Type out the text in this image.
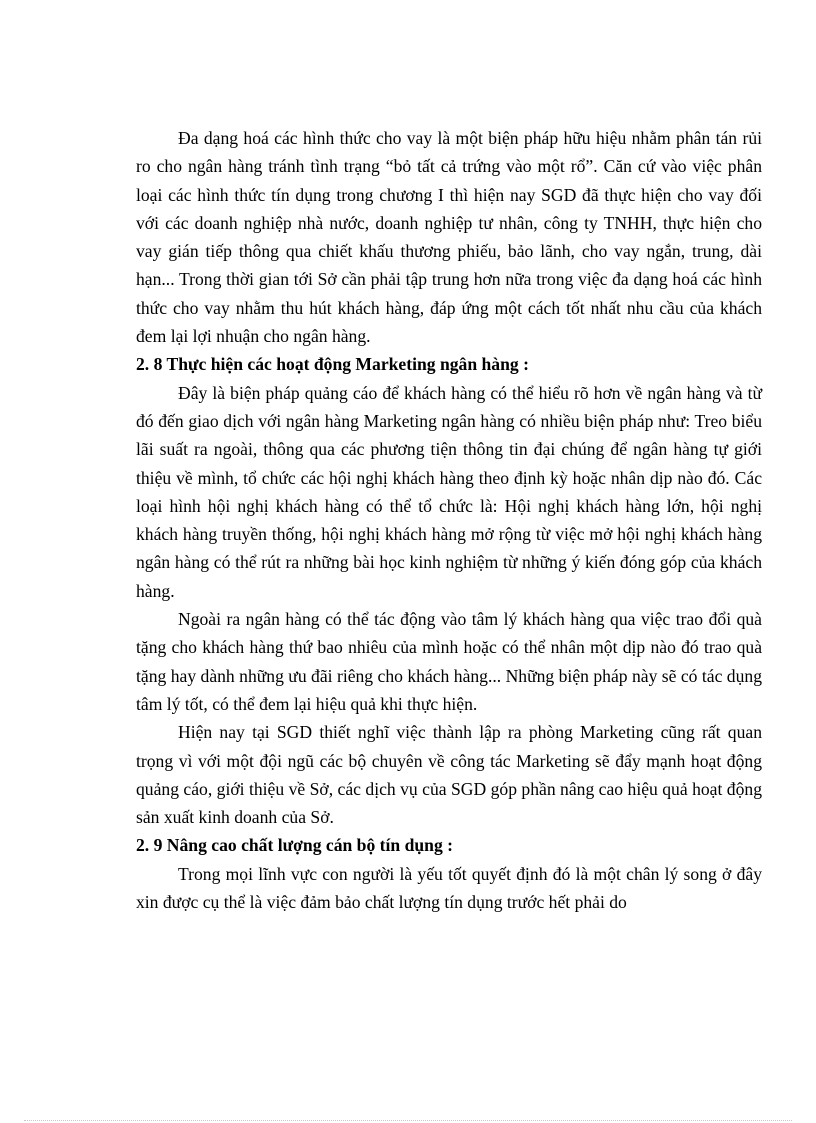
Đa dạng hoá các hình thức cho vay là một biện pháp hữu hiệu nhằm phân tán rủi ro cho ngân hàng tránh tình trạng “bỏ tất cả trứng vào một rổ”. Căn cứ vào việc phân loại các hình thức tín dụng trong chương I thì hiện nay SGD đã thực hiện cho vay đối với các doanh nghiệp nhà nước, doanh nghiệp tư nhân, công ty TNHH, thực hiện cho vay gián tiếp thông qua chiết khấu thương phiếu, bảo lãnh, cho vay ngắn, trung, dài hạn... Trong thời gian tới Sở cần phải tập trung hơn nữa trong việc đa dạng hoá các hình thức cho vay nhằm thu hút khách hàng, đáp ứng một cách tốt nhất nhu cầu của khách đem lại lợi nhuận cho ngân hàng.

2. 8 Thực hiện các hoạt động Marketing ngân hàng :

Đây là biện pháp quảng cáo để khách hàng có thể hiểu rõ hơn về ngân hàng và từ đó đến giao dịch với ngân hàng Marketing ngân hàng có nhiều biện pháp như: Treo biểu lãi suất ra ngoài, thông qua các phương tiện thông tin đại chúng để ngân hàng tự giới thiệu về mình, tổ chức các hội nghị khách hàng theo định kỳ hoặc nhân dịp nào đó. Các loại hình hội nghị khách hàng có thể tổ chức là: Hội nghị khách hàng lớn, hội nghị khách hàng truyền thống, hội nghị khách hàng mở rộng từ việc mở hội nghị khách hàng ngân hàng có thể rút ra những bài học kinh nghiệm từ những ý kiến đóng góp của khách hàng.

Ngoài ra ngân hàng có thể tác động vào tâm lý khách hàng qua việc trao đổi quà tặng cho khách hàng thứ bao nhiêu của mình hoặc có thể nhân một dịp nào đó trao quà tặng hay dành những ưu đãi riêng cho khách hàng... Những biện pháp này sẽ có tác dụng tâm lý tốt, có thể đem lại hiệu quả khi thực hiện.

Hiện nay tại SGD thiết nghĩ việc thành lập ra phòng Marketing cũng rất quan trọng vì với một đội ngũ các bộ chuyên về công tác Marketing sẽ đẩy mạnh hoạt động quảng cáo, giới thiệu về Sở, các dịch vụ của SGD góp phần nâng cao hiệu quả hoạt động sản xuất kinh doanh của Sở.

2. 9 Nâng cao chất lượng cán bộ tín dụng :

Trong mọi lĩnh vực con người là yếu tốt quyết định đó là một chân lý song ở đây xin được cụ thể là việc đảm bảo chất lượng tín dụng trước hết phải do
